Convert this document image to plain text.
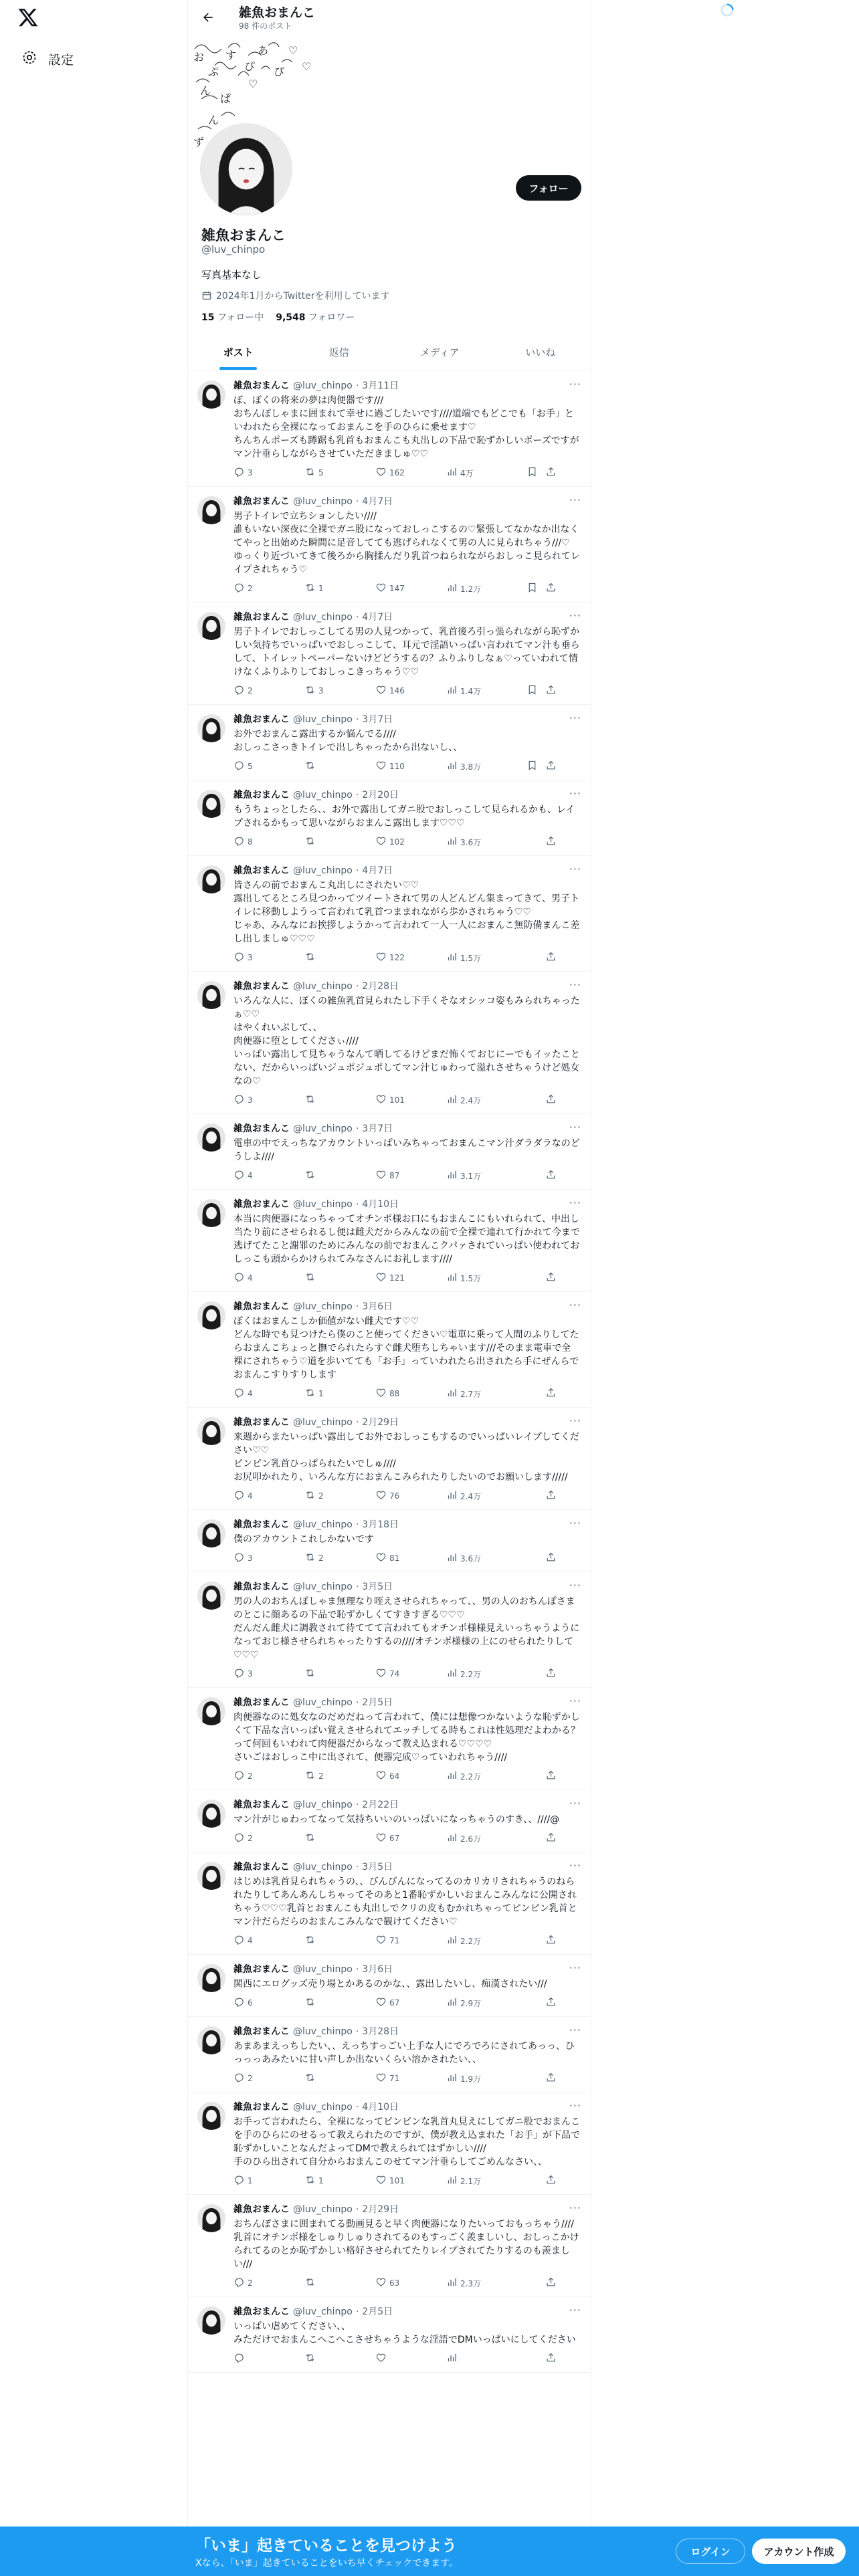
設定
雑魚おまんこ
98 件のポスト
お
ぷ
す
ぴ
ん
ぱ
あ
ぴ
ん
♡
♡
ず
♡
フォロー
雑魚おまんこ
@luv_chinpo
写真基本なし
2024年1月からTwitterを利用しています
15 フォロー中 9,548 フォロワー
ポスト	返信	メディア	いいね
雑魚おまんこ @luv_chinpo · 3月11日	···
ぼ、ぼくの将来の夢は肉便器です///
おちんぽしゃまに囲まれて幸せに過ごしたいです////道端でもどこでも「お手」といわれたら全裸になっておまんこを手のひらに乗せます♡
ちんちんポーズも蹲踞も乳首もおまんこも丸出しの下品で恥ずかしいポーズですがマン汁垂らしながらさせていただきましゅ♡♡
3	5	162	4万
雑魚おまんこ @luv_chinpo · 4月7日	···
男子トイレで立ちションしたい////
誰もいない深夜に全裸でガニ股になっておしっこするの♡緊張してなかなか出なくてやっと出始めた瞬間に足音してても逃げられなくて男の人に見られちゃう///♡
ゆっくり近づいてきて後ろから胸揉んだり乳首つねられながらおしっこ見られてレイプされちゃう♡
2	1	147	1.2万
雑魚おまんこ @luv_chinpo · 4月7日	···
男子トイレでおしっこしてる男の人見つかって、乳首後ろ引っ張られながら恥ずかしい気持ちでいっぱいでおしっこして、耳元で淫語いっぱい言われてマン汁も垂らして、トイレットペーパーないけどどうするの？ふりふりしなぁ♡っていわれて情けなくふりふりしておしっこきっちゃう♡♡
2	3	146	1.4万
雑魚おまんこ @luv_chinpo · 3月7日	···
お外でおまんこ露出するか悩んでる////
おしっこさっきトイレで出しちゃったから出ないし、、
5	110	3.8万
雑魚おまんこ @luv_chinpo · 2月20日	···
もうちょっとしたら、、お外で露出してガニ股でおしっこして見られるかも、レイプされるかもって思いながらおまんこ露出します♡♡♡
8	102	3.6万
雑魚おまんこ @luv_chinpo · 4月7日	···
皆さんの前でおまんこ丸出しにされたい♡♡
露出してるところ見つかってツイートされて男の人どんどん集まってきて、男子トイレに移動しようって言われて乳首つままれながら歩かされちゃう♡♡
じゃあ、みんなにお挨拶しようかって言われて一人一人におまんこ無防備まんこ差し出しましゅ♡♡♡
3	122	1.5万
雑魚おまんこ @luv_chinpo · 2月28日	···
いろんな人に、ぼくの雑魚乳首見られたし下手くそなオシッコ姿もみられちゃったぁ♡♡
はやくれいぷして、、
肉便器に堕としてくださぃ////
いっぱい露出して見ちゃうなんて晒してるけどまだ怖くておじにーでもイッたことない、だからいっぱいジュポジュポしてマン汁じゅわって溢れさせちゃうけど処女なの♡
3	101	2.4万
雑魚おまんこ @luv_chinpo · 3月7日	···
電車の中でえっちなアカウントいっぱいみちゃっておまんこマン汁ダラダラなのどうしよ////
4	87	3.1万
雑魚おまんこ @luv_chinpo · 4月10日	···
本当に肉便器になっちゃってオチンポ様お口にもおまんこにもいれられて、中出し当たり前にさせられるし便は雌犬だからみんなの前で全裸で連れて行かれて今まで逃げてたこと謝罪のためにみんなの前でおまんこクパァされていっぱい使われておしっこも頭からかけられてみなさんにお礼します////
4	121	1.5万
雑魚おまんこ @luv_chinpo · 3月6日	···
ぼくはおまんこしか価値がない雌犬です♡♡
どんな時でも見つけたら僕のこと使ってください♡電車に乗って人間のふりしてたらおまんこちょっと撫でられたらすぐ雌犬堕ちしちゃいます///そのまま電車で全裸にされちゃう♡道を歩いてても「お手」っていわれたら出されたら手にぜんらでおまんこすりすりします
4	1	88	2.7万
雑魚おまんこ @luv_chinpo · 2月29日	···
来週からまたいっぱい露出してお外でおしっこもするのでいっぱいレイプしてください♡♡
ピンピン乳首ひっぱられたいでしゅ////
お尻叩かれたり、いろんな方におまんこみられたりしたいのでお願いします/////
4	2	76	2.4万
雑魚おまんこ @luv_chinpo · 3月18日	···
僕のアカウントこれしかないです
3	2	81	3.6万
雑魚おまんこ @luv_chinpo · 3月5日	···
男の人のおちんぽしゃま無理なり咥えさせられちゃって、、男の人のおちんぽさまのとこに顔あるの下品で恥ずかしくてすきすぎる♡♡♡
だんだん雌犬に調教されて待ててて言われてもオチンポ様様見えいっちゃうようになっておじ様させられちゃったりするの////オチンポ様様の上にのせられたりして♡♡♡
3	74	2.2万
雑魚おまんこ @luv_chinpo · 2月5日	···
肉便器なのに処女なのだめだねって言われて、僕には想像つかないような恥ずかしくて下品な言いっぱい覚えさせられてエッチしてる時もこれは性処理だよわかる？って何回もいわれて肉便器だからなって教え込まれる♡♡♡♡
さいごはおしっこ中に出されて、便器完成♡っていわれちゃう////
2	2	64	2.2万
雑魚おまんこ @luv_chinpo · 2月22日	···
マン汁がじゅわってなって気持ちいいのいっぱいになっちゃうのすき、、////@
2	67	2.6万
雑魚おまんこ @luv_chinpo · 3月5日	···
はじめは乳首見られちゃうの、、びんびんになってるのカリカリされちゃうのねられたりしてあんあんしちゃってそのあと1番恥ずかしいおまんこみんなに公開されちゃう♡♡♡乳首とおまんこも丸出しでクリの皮もむかれちゃってピンピン乳首とマン汁だらだらのおまんこみんなで観けてください♡
4	71	2.2万
雑魚おまんこ @luv_chinpo · 3月6日	···
関西にエログッズ売り場とかあるのかな、、露出したいし、痴漢されたい///
6	67	2.9万
雑魚おまんこ @luv_chinpo · 3月28日	···
あまあまえっちしたい、、えっちすっごい上手な人にでろでろにされてあっっ、ひっっっあみたいに甘い声しか出ないくらい溶かされたい、、
2	71	1.9万
雑魚おまんこ @luv_chinpo · 4月10日	···
お手って言われたら、全裸になってピンピンな乳首丸見えにしてガニ股でおまんこを手のひらにのせるって教えられたのですが、僕が教え込まれた「お手」が下品で恥ずかしいことなんだよってDMで教えられてはずかしい////
手のひら出されて自分からおまんこのせてマン汁垂らしてごめんなさい、、
1	1	101	2.1万
雑魚おまんこ @luv_chinpo · 2月29日	···
おちんぽさまに囲まれてる動画見ると早く肉便器になりたいっておもっちゃう////
乳首にオチンポ様をしゅりしゅりされてるのもすっごく羨ましいし、おしっこかけられてるのとか恥ずかしい格好させられてたりレイプされてたりするのも羨ましい///
2	63	2.3万
雑魚おまんこ @luv_chinpo · 2月5日	···
いっぱい虐めてください、、
みただけでおまんこへこへこさせちゃうような淫語でDMいっぱいにしてください
「いま」起きていることを見つけよう
Xなら、「いま」起きていることをいち早くチェックできます。
ログイン	アカウント作成
